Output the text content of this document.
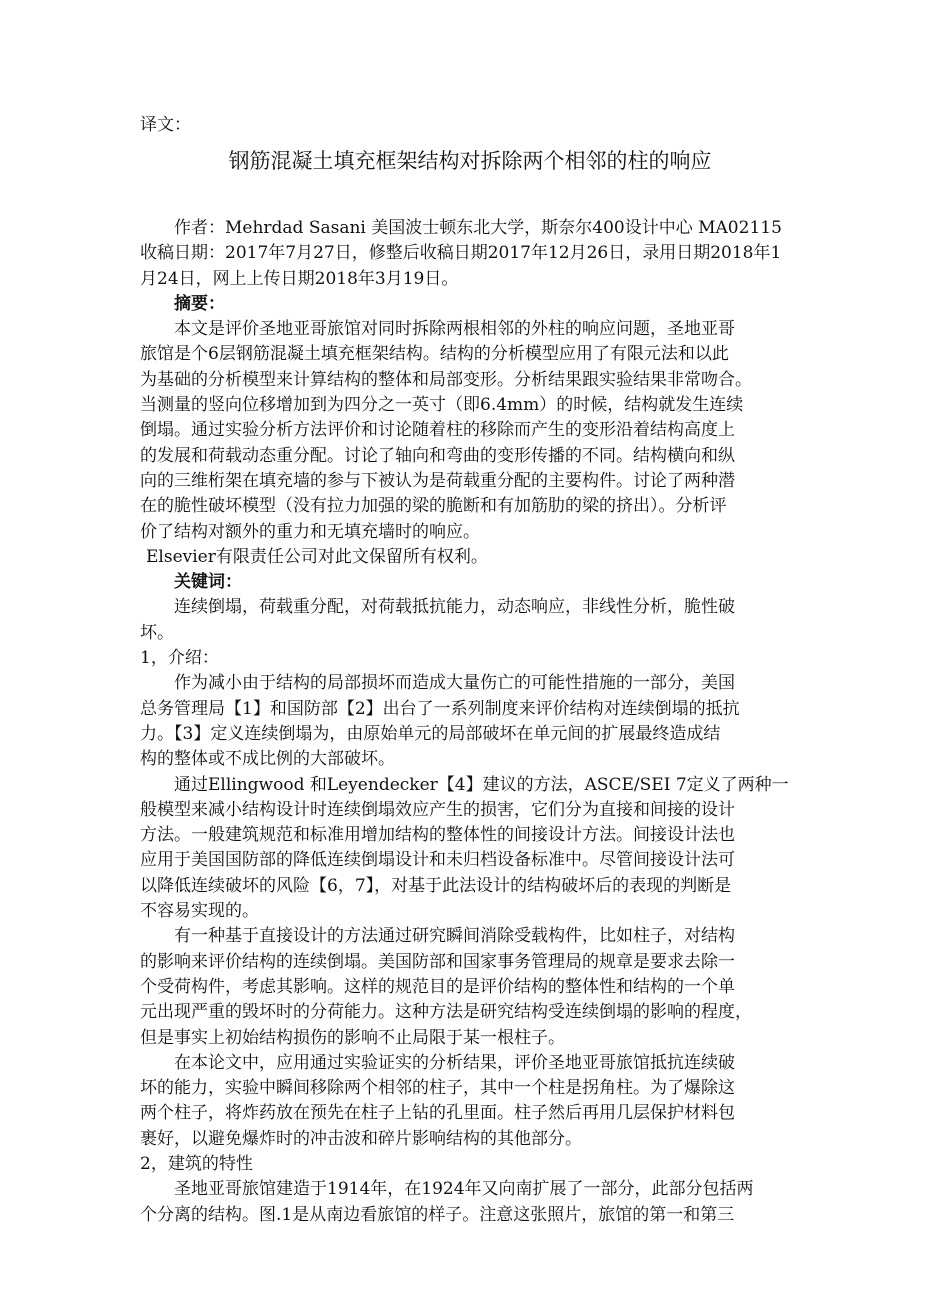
译文：
钢筋混凝土填充框架结构对拆除两个相邻的柱的响应
作者：Mehrdad Sasani 美国波士顿东北大学，斯奈尔400设计中心 MA02115
收稿日期：2017年7月27日，修整后收稿日期2017年12月26日，录用日期2018年1
月24日，网上上传日期2018年3月19日。
摘要：
本文是评价圣地亚哥旅馆对同时拆除两根相邻的外柱的响应问题，圣地亚哥
旅馆是个6层钢筋混凝土填充框架结构。结构的分析模型应用了有限元法和以此
为基础的分析模型来计算结构的整体和局部变形。分析结果跟实验结果非常吻合。
当测量的竖向位移增加到为四分之一英寸（即6.4mm）的时候，结构就发生连续
倒塌。通过实验分析方法评价和讨论随着柱的移除而产生的变形沿着结构高度上
的发展和荷载动态重分配。讨论了轴向和弯曲的变形传播的不同。结构横向和纵
向的三维桁架在填充墙的参与下被认为是荷载重分配的主要构件。讨论了两种潜
在的脆性破坏模型（没有拉力加强的梁的脆断和有加筋肋的梁的挤出）。分析评
价了结构对额外的重力和无填充墙时的响应。
Elsevier有限责任公司对此文保留所有权利。
关键词：
连续倒塌，荷载重分配，对荷载抵抗能力，动态响应，非线性分析，脆性破
坏。
1，介绍：
作为减小由于结构的局部损坏而造成大量伤亡的可能性措施的一部分，美国
总务管理局【1】和国防部【2】出台了一系列制度来评价结构对连续倒塌的抵抗
力。【3】定义连续倒塌为，由原始单元的局部破坏在单元间的扩展最终造成结
构的整体或不成比例的大部破坏。
通过Ellingwood 和Leyendecker【4】建议的方法，ASCE/SEI 7定义了两种一
般模型来减小结构设计时连续倒塌效应产生的损害，它们分为直接和间接的设计
方法。一般建筑规范和标准用增加结构的整体性的间接设计方法。间接设计法也
应用于美国国防部的降低连续倒塌设计和未归档设备标准中。尽管间接设计法可
以降低连续破坏的风险【6，7】，对基于此法设计的结构破坏后的表现的判断是
不容易实现的。
有一种基于直接设计的方法通过研究瞬间消除受载构件，比如柱子，对结构
的影响来评价结构的连续倒塌。美国防部和国家事务管理局的规章是要求去除一
个受荷构件，考虑其影响。这样的规范目的是评价结构的整体性和结构的一个单
元出现严重的毁坏时的分荷能力。这种方法是研究结构受连续倒塌的影响的程度，
但是事实上初始结构损伤的影响不止局限于某一根柱子。
在本论文中，应用通过实验证实的分析结果，评价圣地亚哥旅馆抵抗连续破
坏的能力，实验中瞬间移除两个相邻的柱子，其中一个柱是拐角柱。为了爆除这
两个柱子，将炸药放在预先在柱子上钻的孔里面。柱子然后再用几层保护材料包
裹好，以避免爆炸时的冲击波和碎片影响结构的其他部分。
2，建筑的特性
圣地亚哥旅馆建造于1914年，在1924年又向南扩展了一部分，此部分包括两
个分离的结构。图.1是从南边看旅馆的样子。注意这张照片，旅馆的第一和第三
